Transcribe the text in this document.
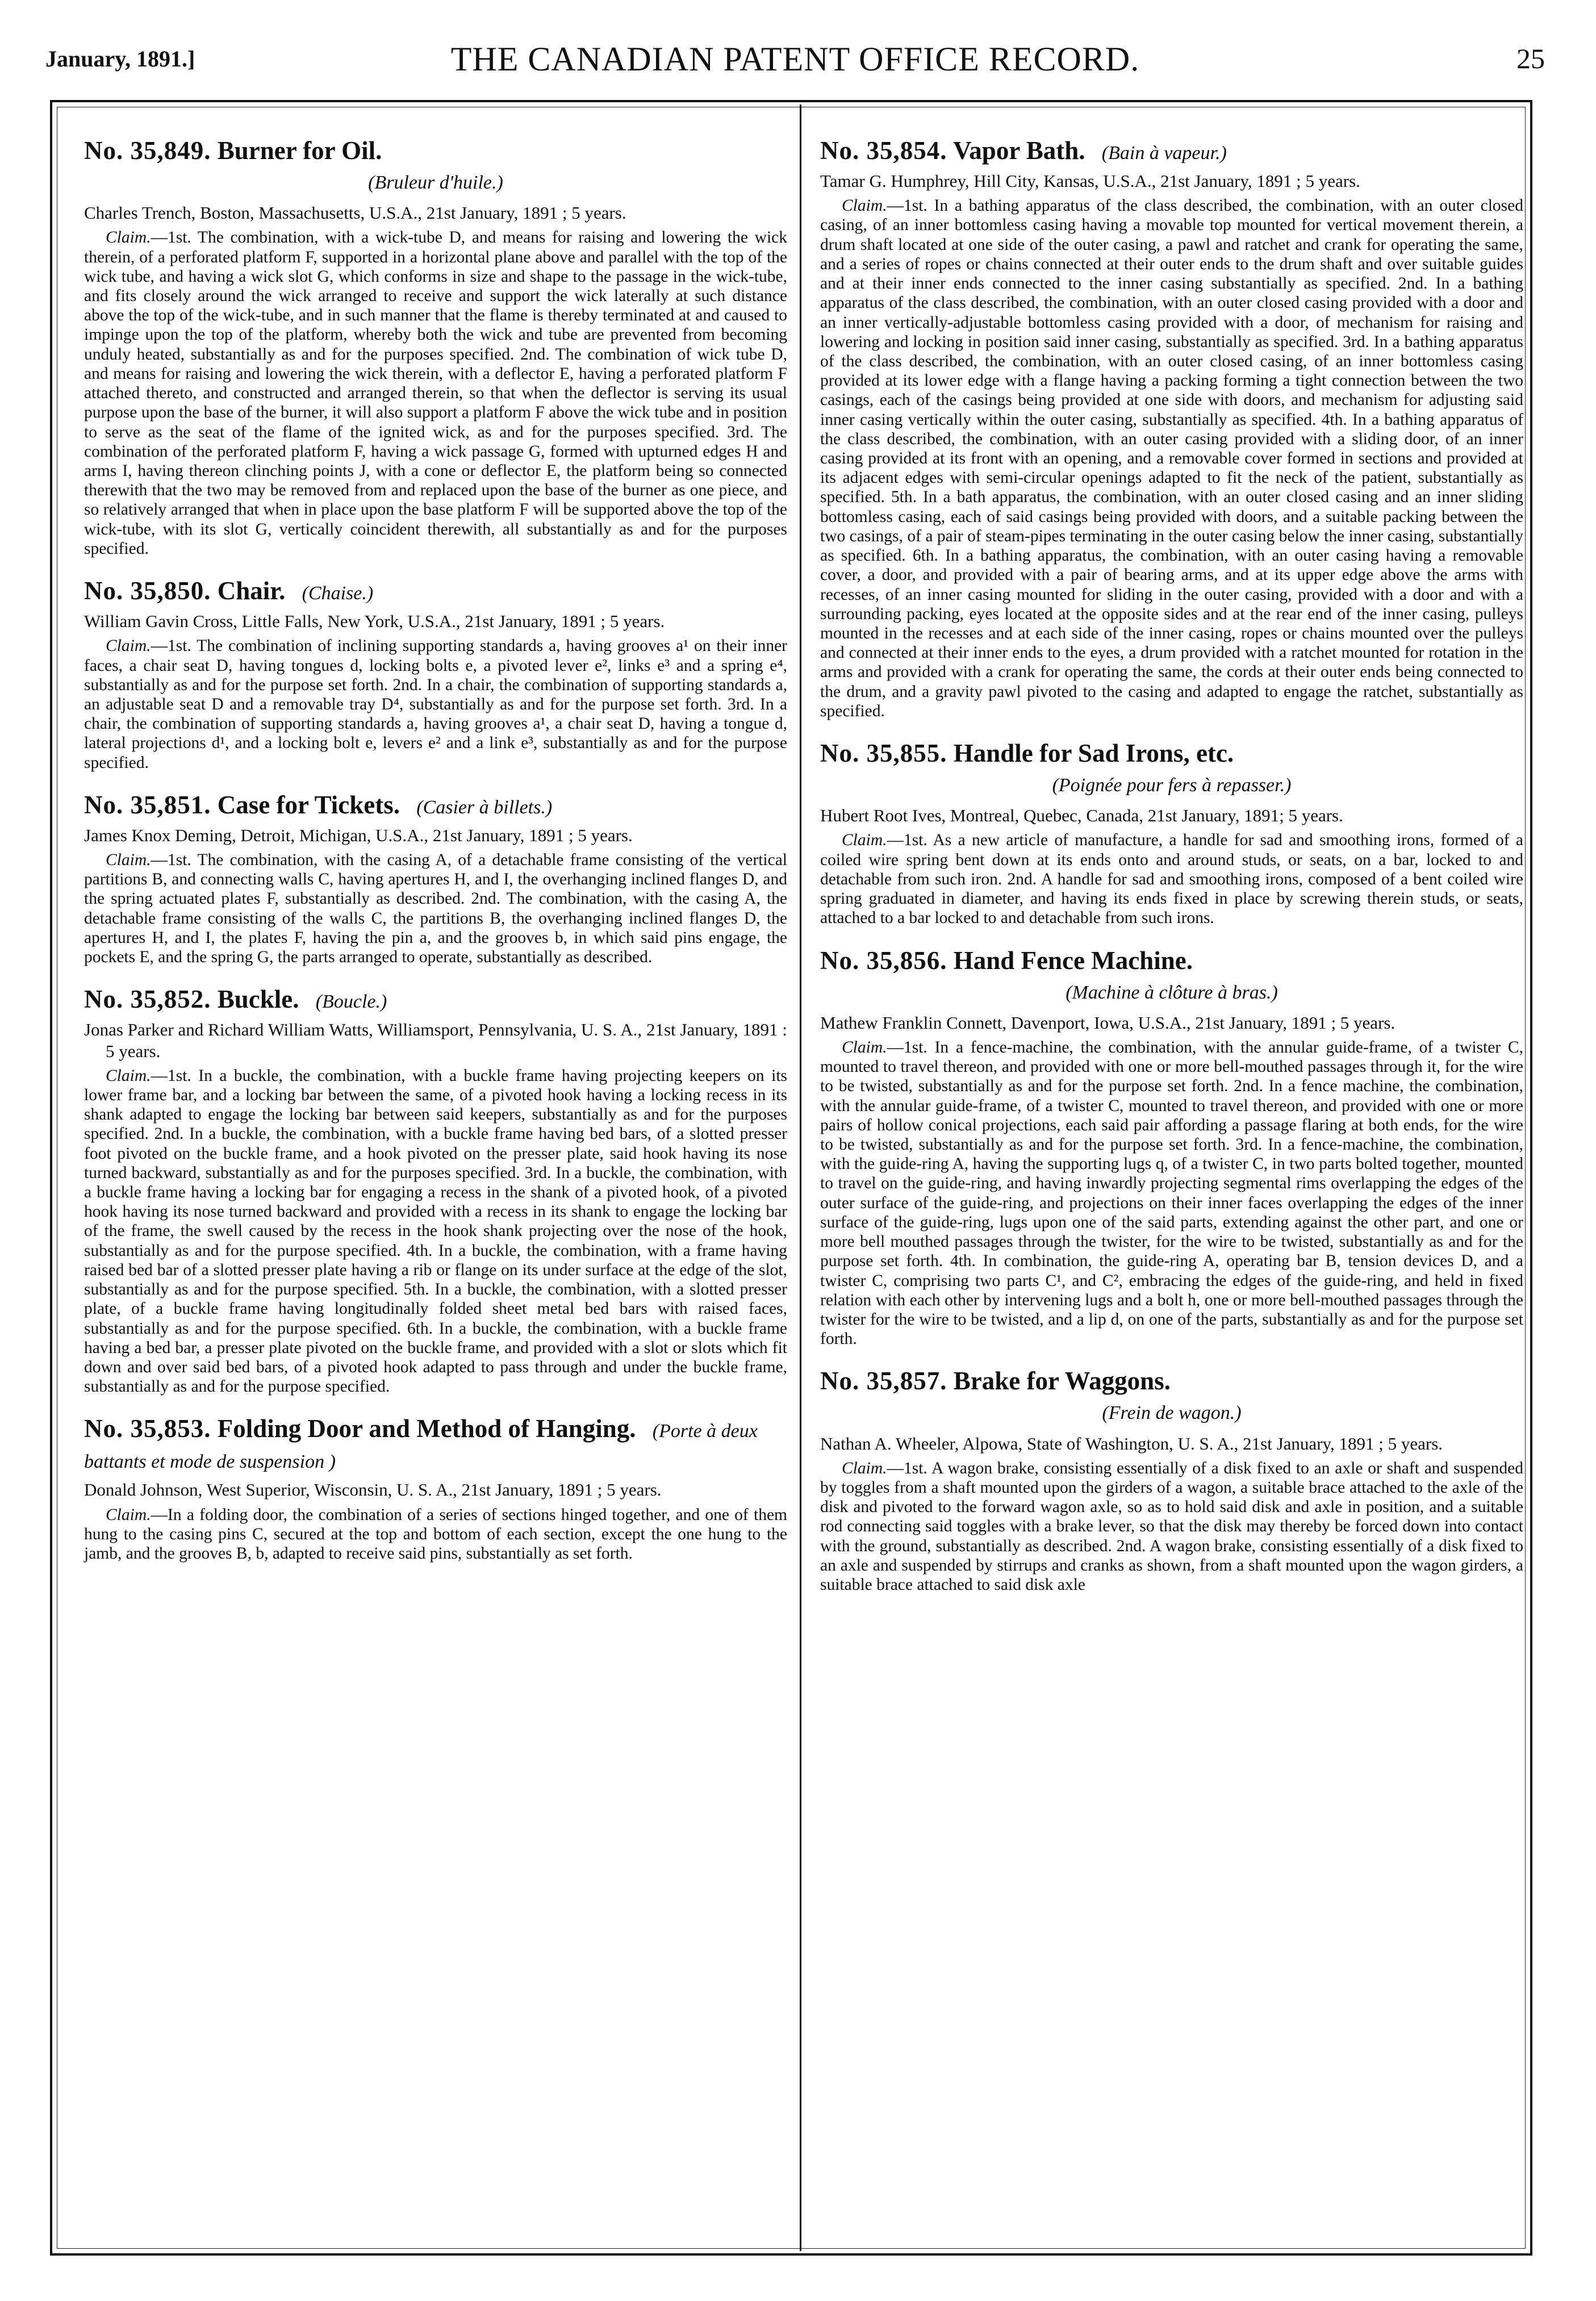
January, 1891.]	THE CANADIAN PATENT OFFICE RECORD.	25
No. 35,849. Burner for Oil.
(Bruleur d'huile.)
Charles Trench, Boston, Massachusetts, U.S.A., 21st January, 1891 ; 5 years.
Claim.—1st. The combination, with a wick-tube D, and means for raising and lowering the wick therein, of a perforated platform F, supported in a horizontal plane above and parallel with the top of the wick tube, and having a wick slot G, which conforms in size and shape to the passage in the wick-tube, and fits closely around the wick arranged to receive and support the wick laterally at such distance above the top of the wick-tube, and in such manner that the flame is thereby terminated at and caused to impinge upon the top of the platform, whereby both the wick and tube are prevented from becoming unduly heated, substantially as and for the purposes specified. 2nd. The combination of wick tube D, and means for raising and lowering the wick therein, with a deflector E, having a perforated platform F attached thereto, and constructed and arranged therein, so that when the deflector is serving its usual purpose upon the base of the burner, it will also support a platform F above the wick tube and in position to serve as the seat of the flame of the ignited wick, as and for the purposes specified. 3rd. The combination of the perforated platform F, having a wick passage G, formed with upturned edges H and arms I, having thereon clinching points J, with a cone or deflector E, the platform being so connected therewith that the two may be removed from and replaced upon the base of the burner as one piece, and so relatively arranged that when in place upon the base platform F will be supported above the top of the wick-tube, with its slot G, vertically coincident therewith, all substantially as and for the purposes specified.
No. 35,850. Chair. (Chaise.)
William Gavin Cross, Little Falls, New York, U.S.A., 21st January, 1891 ; 5 years.
Claim.—1st. The combination of inclining supporting standards a, having grooves a¹ on their inner faces, a chair seat D, having tongues d, locking bolts e, a pivoted lever e², links e³ and a spring e⁴, substantially as and for the purpose set forth. 2nd. In a chair, the combination of supporting standards a, an adjustable seat D and a removable tray D⁴, substantially as and for the purpose set forth. 3rd. In a chair, the combination of supporting standards a, having grooves a¹, a chair seat D, having a tongue d, lateral projections d¹, and a locking bolt e, levers e² and a link e³, substantially as and for the purpose specified.
No. 35,851. Case for Tickets. (Casier à billets.)
James Knox Deming, Detroit, Michigan, U.S.A., 21st January, 1891 ; 5 years.
Claim.—1st. The combination, with the casing A, of a detachable frame consisting of the vertical partitions B, and connecting walls C, having apertures H, and I, the overhanging inclined flanges D, and the spring actuated plates F, substantially as described. 2nd. The combination, with the casing A, the detachable frame consisting of the walls C, the partitions B, the overhanging inclined flanges D, the apertures H, and I, the plates F, having the pin a, and the grooves b, in which said pins engage, the pockets E, and the spring G, the parts arranged to operate, substantially as described.
No. 35,852. Buckle. (Boucle.)
Jonas Parker and Richard William Watts, Williamsport, Pennsylvania, U. S. A., 21st January, 1891 : 5 years.
Claim.—1st. In a buckle, the combination, with a buckle frame having projecting keepers on its lower frame bar, and a locking bar between the same, of a pivoted hook having a locking recess in its shank adapted to engage the locking bar between said keepers, substantially as and for the purposes specified. 2nd. In a buckle, the combination, with a buckle frame having bed bars, of a slotted presser foot pivoted on the buckle frame, and a hook pivoted on the presser plate, said hook having its nose turned backward, substantially as and for the purposes specified. 3rd. In a buckle, the combination, with a buckle frame having a locking bar for engaging a recess in the shank of a pivoted hook, of a pivoted hook having its nose turned backward and provided with a recess in its shank to engage the locking bar of the frame, the swell caused by the recess in the hook shank projecting over the nose of the hook, substantially as and for the purpose specified. 4th. In a buckle, the combination, with a frame having raised bed bar of a slotted presser plate having a rib or flange on its under surface at the edge of the slot, substantially as and for the purpose specified. 5th. In a buckle, the combination, with a slotted presser plate, of a buckle frame having longitudinally folded sheet metal bed bars with raised faces, substantially as and for the purpose specified. 6th. In a buckle, the combination, with a buckle frame having a bed bar, a presser plate pivoted on the buckle frame, and provided with a slot or slots which fit down and over said bed bars, of a pivoted hook adapted to pass through and under the buckle frame, substantially as and for the purpose specified.
No. 35,853. Folding Door and Method of Hanging. (Porte à deux battants et mode de suspension )
Donald Johnson, West Superior, Wisconsin, U. S. A., 21st January, 1891 ; 5 years.
Claim.—In a folding door, the combination of a series of sections hinged together, and one of them hung to the casing pins C, secured at the top and bottom of each section, except the one hung to the jamb, and the grooves B, b, adapted to receive said pins, substantially as set forth.
No. 35,854. Vapor Bath. (Bain à vapeur.)
Tamar G. Humphrey, Hill City, Kansas, U.S.A., 21st January, 1891 ; 5 years.
Claim.—1st. In a bathing apparatus of the class described, the combination, with an outer closed casing, of an inner bottomless casing having a movable top mounted for vertical movement therein, a drum shaft located at one side of the outer casing, a pawl and ratchet and crank for operating the same, and a series of ropes or chains connected at their outer ends to the drum shaft and over suitable guides and at their inner ends connected to the inner casing substantially as specified. 2nd. In a bathing apparatus of the class described, the combination, with an outer closed casing provided with a door and an inner vertically-adjustable bottomless casing provided with a door, of mechanism for raising and lowering and locking in position said inner casing, substantially as specified. 3rd. In a bathing apparatus of the class described, the combination, with an outer closed casing, of an inner bottomless casing provided at its lower edge with a flange having a packing forming a tight connection between the two casings, each of the casings being provided at one side with doors, and mechanism for adjusting said inner casing vertically within the outer casing, substantially as specified. 4th. In a bathing apparatus of the class described, the combination, with an outer casing provided with a sliding door, of an inner casing provided at its front with an opening, and a removable cover formed in sections and provided at its adjacent edges with semi-circular openings adapted to fit the neck of the patient, substantially as specified. 5th. In a bath apparatus, the combination, with an outer closed casing and an inner sliding bottomless casing, each of said casings being provided with doors, and a suitable packing between the two casings, of a pair of steam-pipes terminating in the outer casing below the inner casing, substantially as specified. 6th. In a bathing apparatus, the combination, with an outer casing having a removable cover, a door, and provided with a pair of bearing arms, and at its upper edge above the arms with recesses, of an inner casing mounted for sliding in the outer casing, provided with a door and with a surrounding packing, eyes located at the opposite sides and at the rear end of the inner casing, pulleys mounted in the recesses and at each side of the inner casing, ropes or chains mounted over the pulleys and connected at their inner ends to the eyes, a drum provided with a ratchet mounted for rotation in the arms and provided with a crank for operating the same, the cords at their outer ends being connected to the drum, and a gravity pawl pivoted to the casing and adapted to engage the ratchet, substantially as specified.
No. 35,855. Handle for Sad Irons, etc.
(Poignée pour fers à repasser.)
Hubert Root Ives, Montreal, Quebec, Canada, 21st January, 1891; 5 years.
Claim.—1st. As a new article of manufacture, a handle for sad and smoothing irons, formed of a coiled wire spring bent down at its ends onto and around studs, or seats, on a bar, locked to and detachable from such iron. 2nd. A handle for sad and smoothing irons, composed of a bent coiled wire spring graduated in diameter, and having its ends fixed in place by screwing therein studs, or seats, attached to a bar locked to and detachable from such irons.
No. 35,856. Hand Fence Machine.
(Machine à clôture à bras.)
Mathew Franklin Connett, Davenport, Iowa, U.S.A., 21st January, 1891 ; 5 years.
Claim.—1st. In a fence-machine, the combination, with the annular guide-frame, of a twister C, mounted to travel thereon, and provided with one or more bell-mouthed passages through it, for the wire to be twisted, substantially as and for the purpose set forth. 2nd. In a fence machine, the combination, with the annular guide-frame, of a twister C, mounted to travel thereon, and provided with one or more pairs of hollow conical projections, each said pair affording a passage flaring at both ends, for the wire to be twisted, substantially as and for the purpose set forth. 3rd. In a fence-machine, the combination, with the guide-ring A, having the supporting lugs q, of a twister C, in two parts bolted together, mounted to travel on the guide-ring, and having inwardly projecting segmental rims overlapping the edges of the outer surface of the guide-ring, and projections on their inner faces overlapping the edges of the inner surface of the guide-ring, lugs upon one of the said parts, extending against the other part, and one or more bell mouthed passages through the twister, for the wire to be twisted, substantially as and for the purpose set forth. 4th. In combination, the guide-ring A, operating bar B, tension devices D, and a twister C, comprising two parts C¹, and C², embracing the edges of the guide-ring, and held in fixed relation with each other by intervening lugs and a bolt h, one or more bell-mouthed passages through the twister for the wire to be twisted, and a lip d, on one of the parts, substantially as and for the purpose set forth.
No. 35,857. Brake for Waggons.
(Frein de wagon.)
Nathan A. Wheeler, Alpowa, State of Washington, U. S. A., 21st January, 1891 ; 5 years.
Claim.—1st. A wagon brake, consisting essentially of a disk fixed to an axle or shaft and suspended by toggles from a shaft mounted upon the girders of a wagon, a suitable brace attached to the axle of the disk and pivoted to the forward wagon axle, so as to hold said disk and axle in position, and a suitable rod connecting said toggles with a brake lever, so that the disk may thereby be forced down into contact with the ground, substantially as described. 2nd. A wagon brake, consisting essentially of a disk fixed to an axle and suspended by stirrups and cranks as shown, from a shaft mounted upon the wagon girders, a suitable brace attached to said disk axle
